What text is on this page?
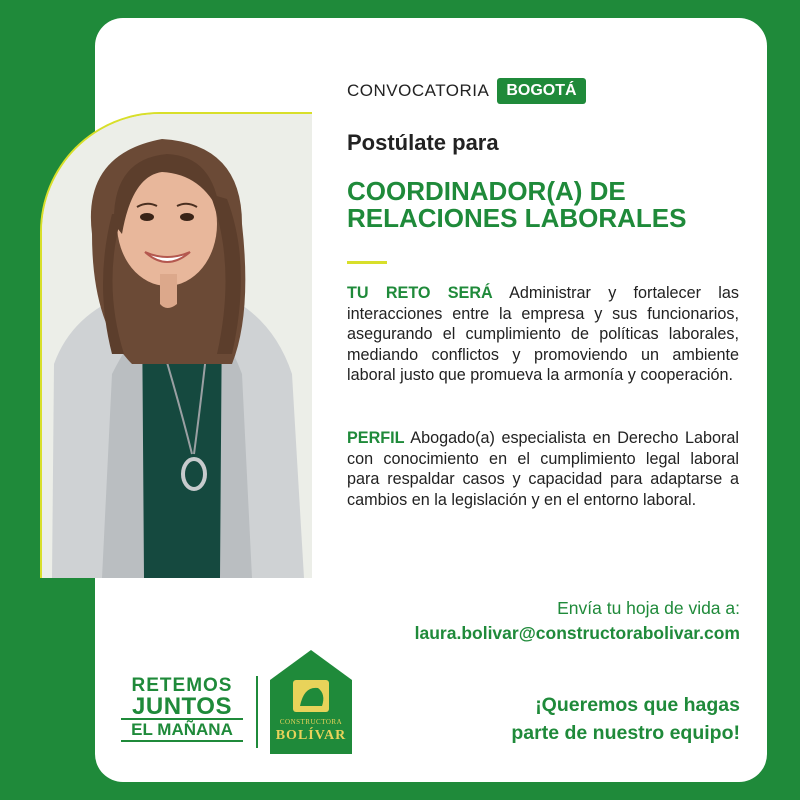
CONVOCATORIA	BOGOTÁ
Postúlate para
COORDINADOR(A) DE
RELACIONES LABORALES
TU RETO SERÁ Administrar y fortalecer las interacciones entre la empresa y sus funcionarios, asegurando el cumplimiento de políticas laborales, mediando conflictos y promoviendo un ambiente laboral justo que promueva la armonía y cooperación.
PERFIL Abogado(a) especialista en Derecho Laboral con conocimiento en el cumplimiento legal laboral para respaldar casos y capacidad para adaptarse a cambios en la legislación y en el entorno laboral.
Envía tu hoja de vida a:
laura.bolivar@constructorabolivar.com
RETEMOS
JUNTOS
EL MAÑANA	CONSTRUCTORA
BOLÍVAR
¡Queremos que hagas
parte de nuestro equipo!
